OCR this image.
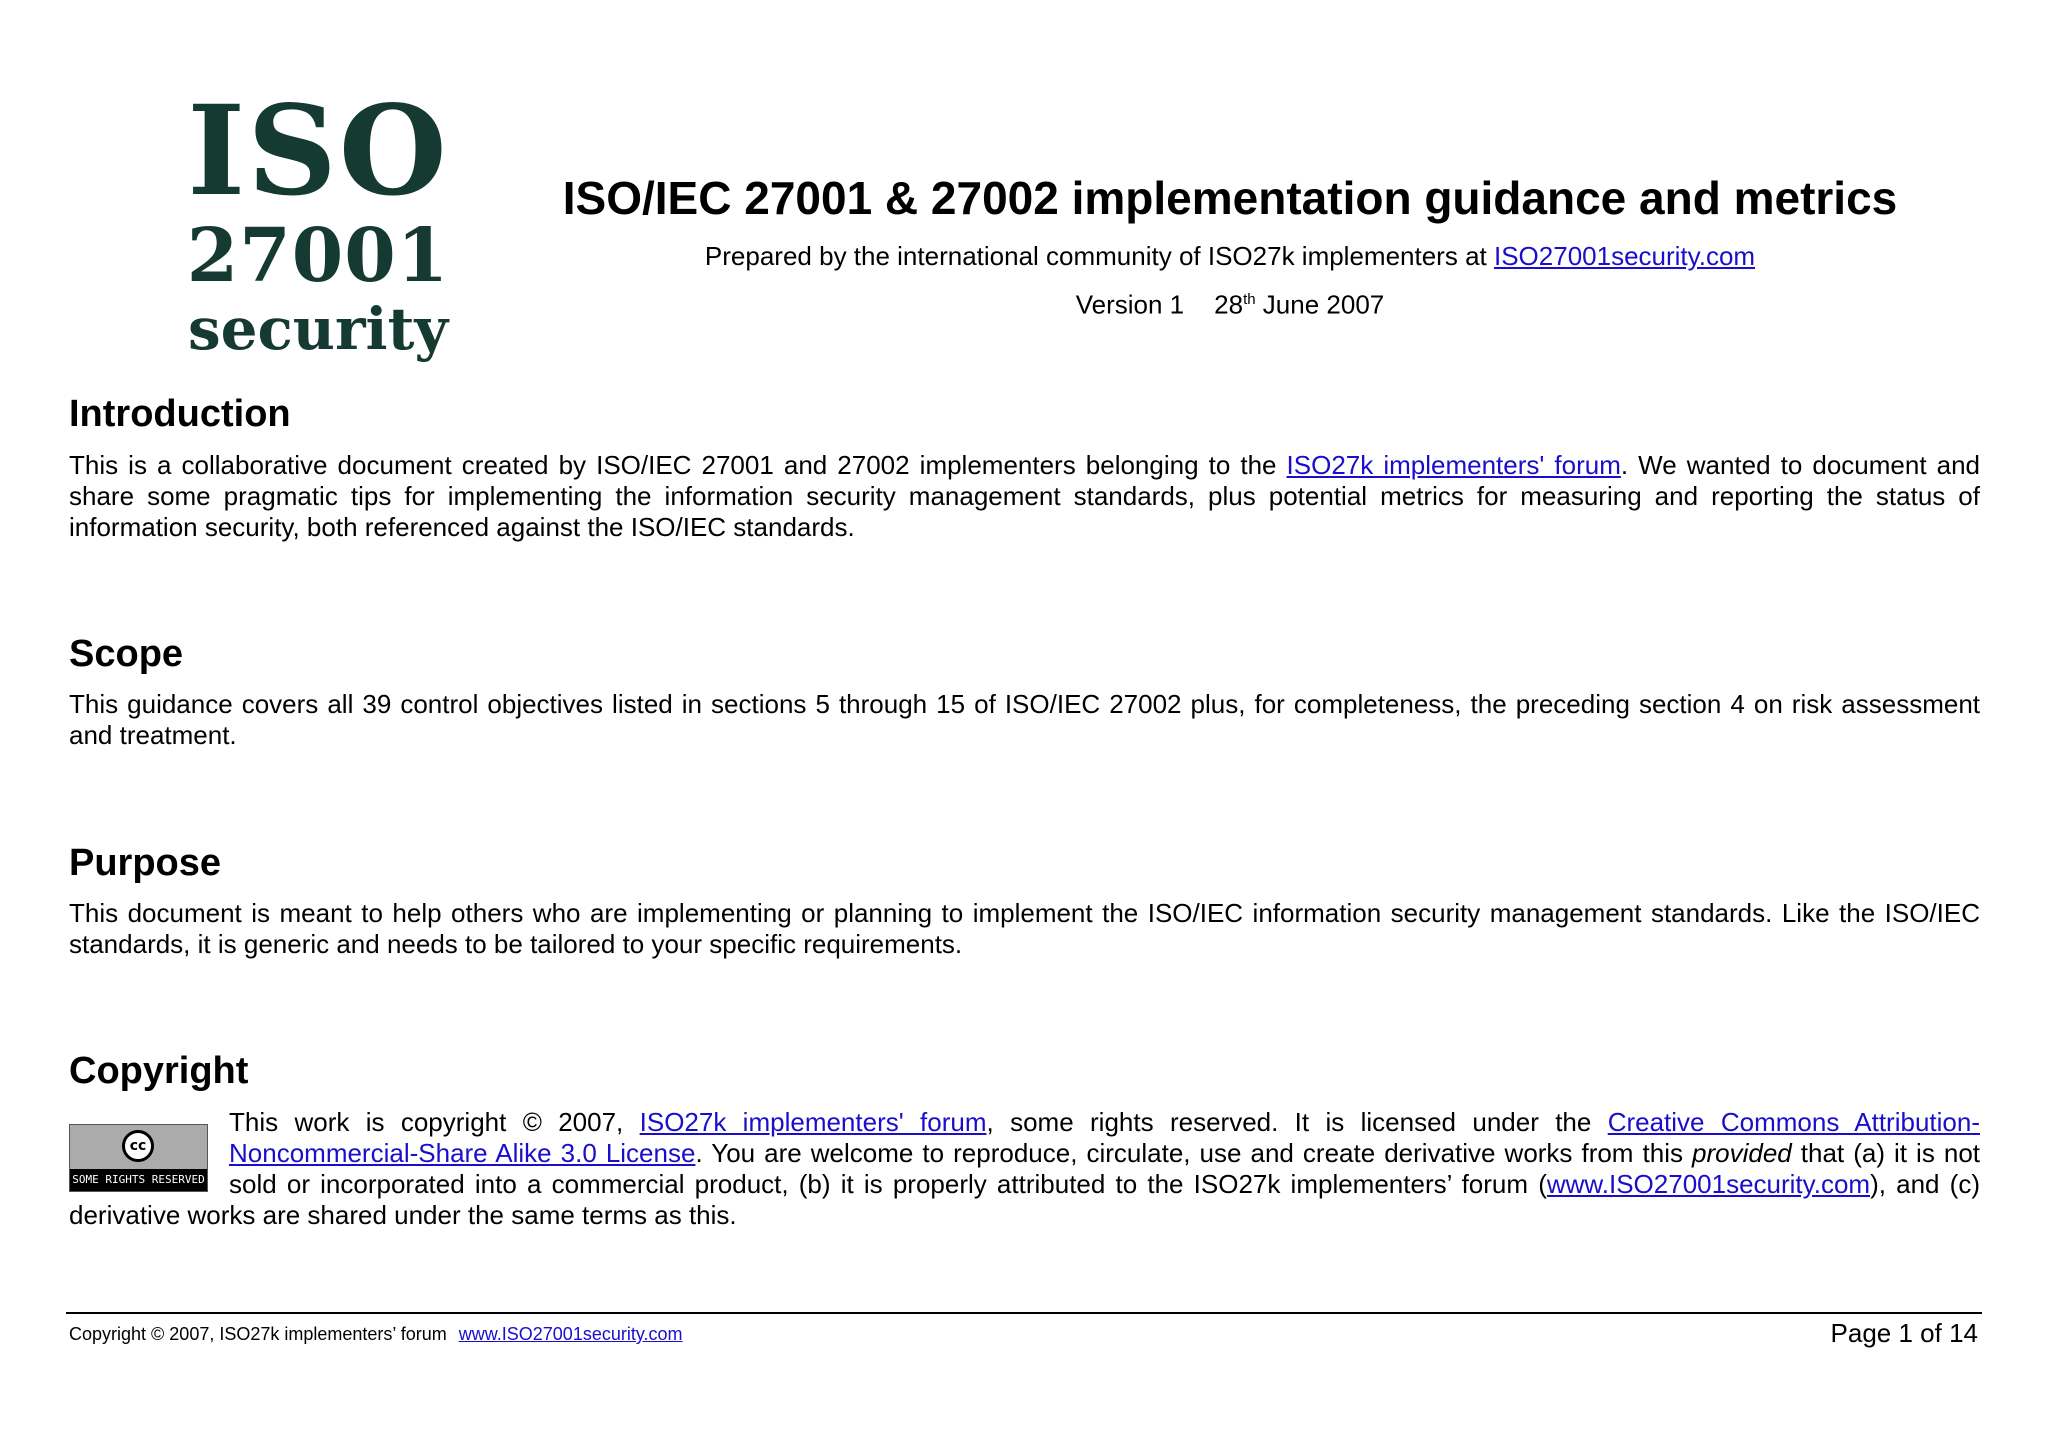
ISO
27001
security
ISO/IEC 27001 & 27002 implementation guidance and metrics
Prepared by the international community of ISO27k implementers at ISO27001security.com
Version 1 28th June 2007
Introduction
This is a collaborative document created by ISO/IEC 27001 and 27002 implementers belonging to the ISO27k implementers' forum. We wanted to document and share some pragmatic tips for implementing the information security management standards, plus potential metrics for measuring and reporting the status of information security, both referenced against the ISO/IEC standards.
Scope
This guidance covers all 39 control objectives listed in sections 5 through 15 of ISO/IEC 27002 plus, for completeness, the preceding section 4 on risk assessment and treatment.
Purpose
This document is meant to help others who are implementing or planning to implement the ISO/IEC information security management standards. Like the ISO/IEC standards, it is generic and needs to be tailored to your specific requirements.
Copyright
This work is copyright © 2007, ISO27k implementers' forum, some rights reserved. It is licensed under the Creative Commons Attribution-Noncommercial-Share Alike 3.0 License. You are welcome to reproduce, circulate, use and create derivative works from this provided that (a) it is not sold or incorporated into a commercial product, (b) it is properly attributed to the ISO27k implementers’ forum (www.ISO27001security.com), and (c) derivative works are shared under the same terms as this.
cc
SOME RIGHTS RESERVED
Copyright © 2007, ISO27k implementers’ forum www.ISO27001security.com	Page 1 of 14
